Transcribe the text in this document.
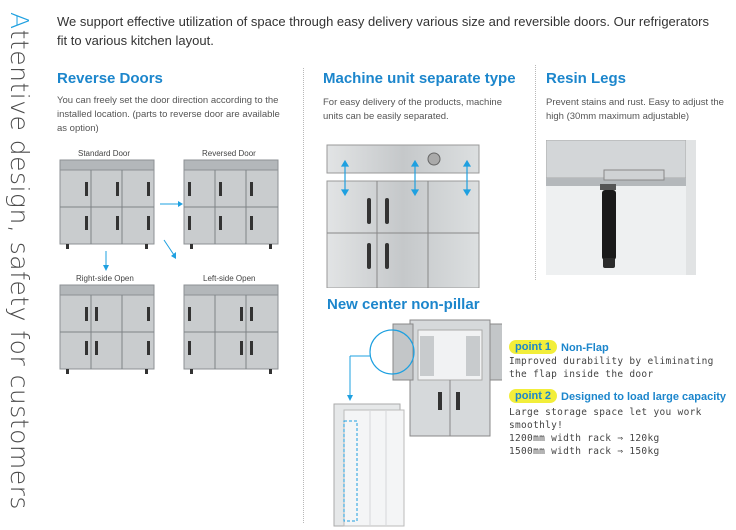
Attentive design, safety for customers
We support effective utilization of space through easy delivery various size and reversible doors. Our refrigerators fit to various kitchen layout.
Reverse Doors
You can freely set the door direction according to the installed location. (parts to reverse door are available as option)
Standard Door	Reversed Door
Right-side Open	Left-side Open
Machine unit separate type
For easy delivery of the products, machine units can be easily separated.
Resin Legs
Prevent stains and rust. Easy to adjust the high (30mm maximum adjustable)
New center non-pillar
point 1 Non-Flap
Improved durability by eliminating
the flap inside the door
point 2 Designed to load large capacity
Large storage space let you work
smoothly!
1200mm width rack ⇒ 120kg
1500mm width rack ⇒ 150kg
